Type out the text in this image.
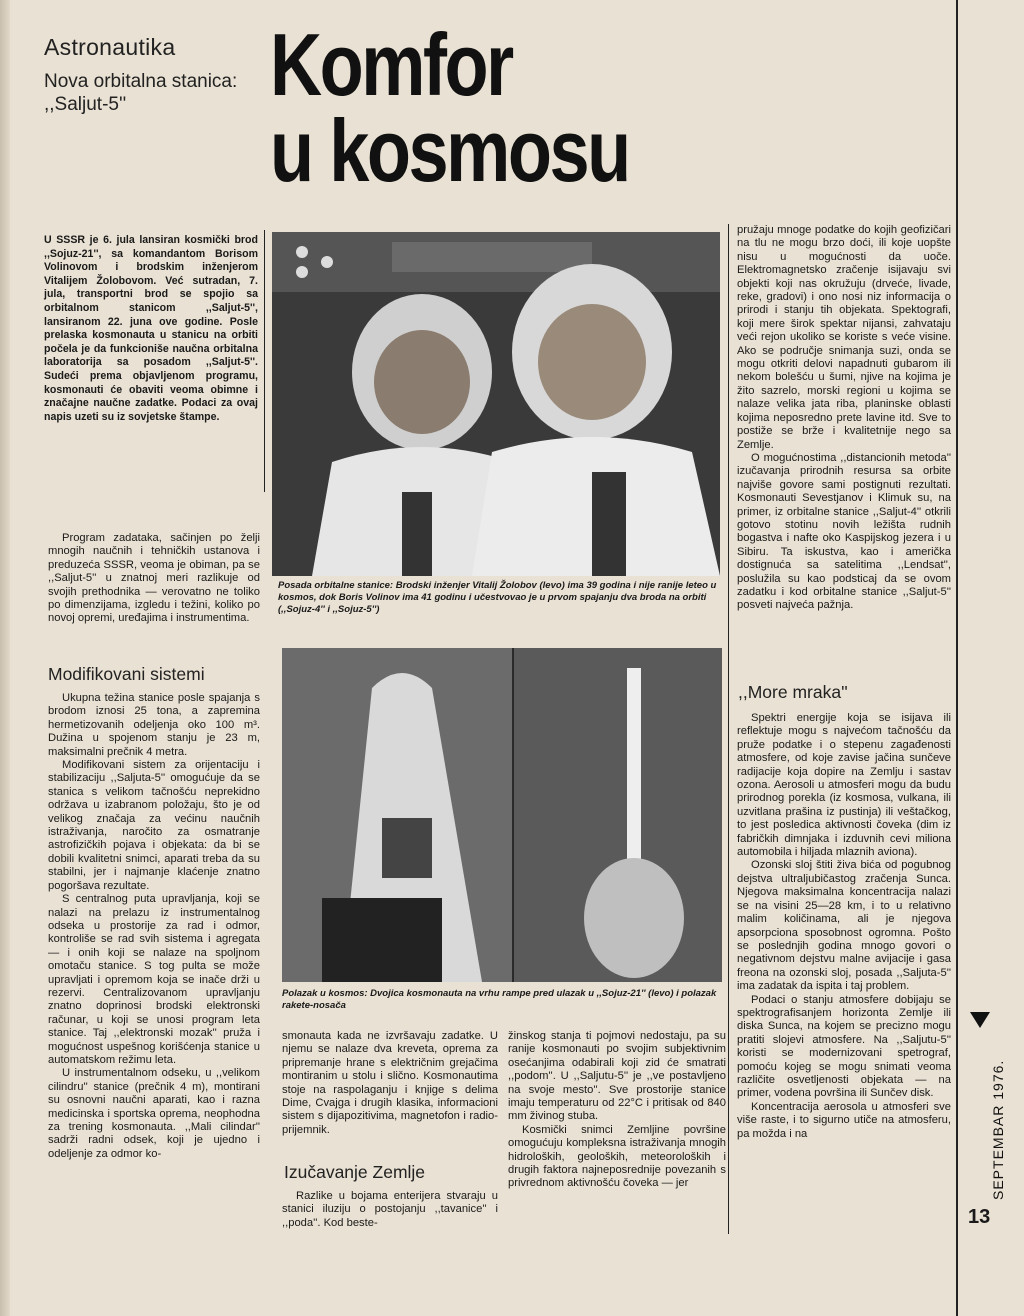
Astronautika
Nova orbitalna stanica:
,,Saljut-5''	Komfor
u kosmosu
U SSSR je 6. jula lansiran kosmički brod ,,Sojuz-21'', sa komandantom Borisom Volinovom i brodskim inženjerom Vitalijem Žolobovom. Već sutradan, 7. jula, transportni brod se spojio sa orbitalnom stanicom ,,Saljut-5'', lansiranom 22. juna ove godine. Posle prelaska kosmonauta u stanicu na orbiti počela je da funkcioniše naučna orbitalna laboratorija sa posadom ,,Saljut-5''. Sudeći prema objavljenom programu, kosmonauti će obaviti veoma obimne i značajne naučne zadatke. Podaci za ovaj napis uzeti su iz sovjetske štampe.
Posada orbitalne stanice: Brodski inženjer Vitalij Žolobov (levo) ima 39 godina i nije ranije leteo u kosmos, dok Boris Volinov ima 41 godinu i učestvovao je u prvom spajanju dva broda na orbiti (,,Sojuz-4'' i ,,Sojuz-5'')
Polazak u kosmos: Dvojica kosmonauta na vrhu rampe pred ulazak u ,,Sojuz-21'' (levo) i polazak raketе-nosača

Program zadataka, sačinjen po želji mnogih naučnih i tehničkih ustanova i preduzeća SSSR, veoma je obiman, pa se ,,Saljut-5'' u znatnoj meri razlikuje od svojih prethodnika — verovatno ne toliko po dimenzijama, izgledu i težini, koliko po novoj opremi, uređajima i instrumentima.

Modifikovani sistemi

Ukupna težina stanice posle spajanja s brodom iznosi 25 tona, a zapremina hermetizovanih odeljenja oko 100 m³. Dužina u spojenom stanju je 23 m, maksimalni prečnik 4 metra.

Modifikovani sistem za orijentaciju i stabilizaciju ,,Saljuta-5'' omogućuje da se stanica s velikom tačnošću neprekidno održava u izabranom položaju, što je od velikog značaja za većinu naučnih istraživanja, naročito za osmatranje astrofizičkih pojava i objekata: da bi se dobili kvalitetni snimci, aparati treba da su stabilni, jer i najmanje klaćenje znatno pogoršava rezultate.

S centralnog puta upravljanja, koji se nalazi na prelazu iz instrumentalnog odseka u prostorije za rad i odmor, kontroliše se rad svih sistema i agregata — i onih koji se nalaze na spoljnom omotaču stanice. S tog pulta se može upravljati i opremom koja se inače drži u rezervi. Centralizovanom upravljanju znatno doprinosi brodski elektronski računar, u koji se unosi program leta stanice. Taj ,,elektronski mozak'' pruža i mogućnost uspešnog korišćenja stanice u automatskom režimu leta.

U instrumentalnom odseku, u ,,velikom cilindru'' stanice (prečnik 4 m), montirani su osnovni naučni aparati, kao i razna medicinska i sportska oprema, neophodna za trening kosmonauta. ,,Mali cilindar'' sadrži radni odsek, koji je ujedno i odeljenje za odmor ko-

smonauta kada ne izvršavaju zadatke. U njemu se nalaze dva kreveta, oprema za pripremanje hrane s električnim grejačima montiranim u stolu i slično. Kosmonautima stoje na raspolaganju i knjige s delima Dime, Cvajga i drugih klasika, informacioni sistem s dijapozitivima, magnetofon i radio-prijemnik.

Izučavanje Zemlje

Razlike u bojama enterijera stvaraju u stanici iluziju o postojanju ,,tavanice'' i ,,poda''. Kod beste-

žinskog stanja ti pojmovi nedostaju, pa su ranije kosmonauti po svojim subjektivnim osećanjima odabirali koji zid će smatrati ,,podom''. U ,,Saljutu-5'' je ,,ve postavljeno na svoje mesto''. Sve prostorije stanice imaju temperaturu od 22°C i pritisak od 840 mm živinog stuba.

Kosmički snimci Zemljine površine omogućuju kompleksna istraživanja mnogih hidroloških, geoloških, meteoroloških i drugih faktora najneposrednije povezanih s privrednom aktivnošću čoveka — jer

pružaju mnoge podatke do kojih geofizičari na tlu ne mogu brzo doći, ili koje uopšte nisu u mogućnosti da uoče. Elektromagnetsko zračenje isijavaju svi objekti koji nas okružuju (drveće, livade, reke, gradovi) i ono nosi niz informacija o prirodi i stanju tih objekata. Spektografi, koji mere širok spektar nijansi, zahvataju veći rejon ukoliko se koriste s veće visine. Ako se područje snimanja suzi, onda se mogu otkriti delovi napadnuti gubarom ili nekom bolešću u šumi, njive na kojima je žito sazrelo, morski regioni u kojima se nalaze velika jata riba, planinske oblasti kojima neposredno prete lavine itd. Sve to postiže se brže i kvalitetnije nego sa Zemlje.

O mogućnostima ,,distancionih metoda'' izučavanja prirodnih resursa sa orbite najviše govore sami postignuti rezultati. Kosmonauti Sevestjanov i Klimuk su, na primer, iz orbitalne stanice ,,Saljut-4'' otkrili gotovo stotinu novih ležišta rudnih bogastva i nafte oko Kaspijskog jezera i u Sibiru. Ta iskustva, kao i američka dostignuća sa satelitima ,,Lendsat'', poslužila su kao podsticaj da se ovom zadatku i kod orbitalne stanice ,,Saljut-5'' posveti najveća pažnja.

,,More mraka''

Spektri energije koja se isijava ili reflektuje mogu s najvećom tačnošću da pruže podatke i o stepenu zagađenosti atmosfere, od koje zavise jačina sunčeve radijacije koja dopire na Zemlju i sastav ozona. Aerosoli u atmosferi mogu da budu prirodnog porekla (iz kosmosa, vulkana, ili uzvitlana prašina iz pustinja) ili veštačkog, to jest posledica aktivnosti čoveka (dim iz fabričkih dimnjaka i izduvnih cevi miliona automobila i hiljada mlaznih aviona).

Ozonski sloj štiti živa bića od pogubnog dejstva ultraljubičastog zračenja Sunca. Njegova maksimalna koncentracija nalazi se na visini 25—28 km, i to u relativno malim količinama, ali je njegova apsorpciona sposobnost ogromna. Pošto se poslednjih godina mnogo govori o negativnom dejstvu malne avijacije i gasa freona na ozonski sloj, posada ,,Saljuta-5'' ima zadatak da ispita i taj problem.

Podaci o stanju atmosfere dobijaju se spektrografisanjem horizonta Zemlje ili diska Sunca, na kojem se precizno mogu pratiti slojevi atmosfere. Na ,,Saljutu-5'' koristi se modernizovani spetrograf, pomoću kojeg se mogu snimati veoma različite osvetljenosti objekata — na primer, vodena površina ili Sunčev disk.

Koncentracija aerosola u atmosferi sve više raste, i to sigurno utiče na atmosferu, pa možda i na	SEPTEMBAR 1976.
13
